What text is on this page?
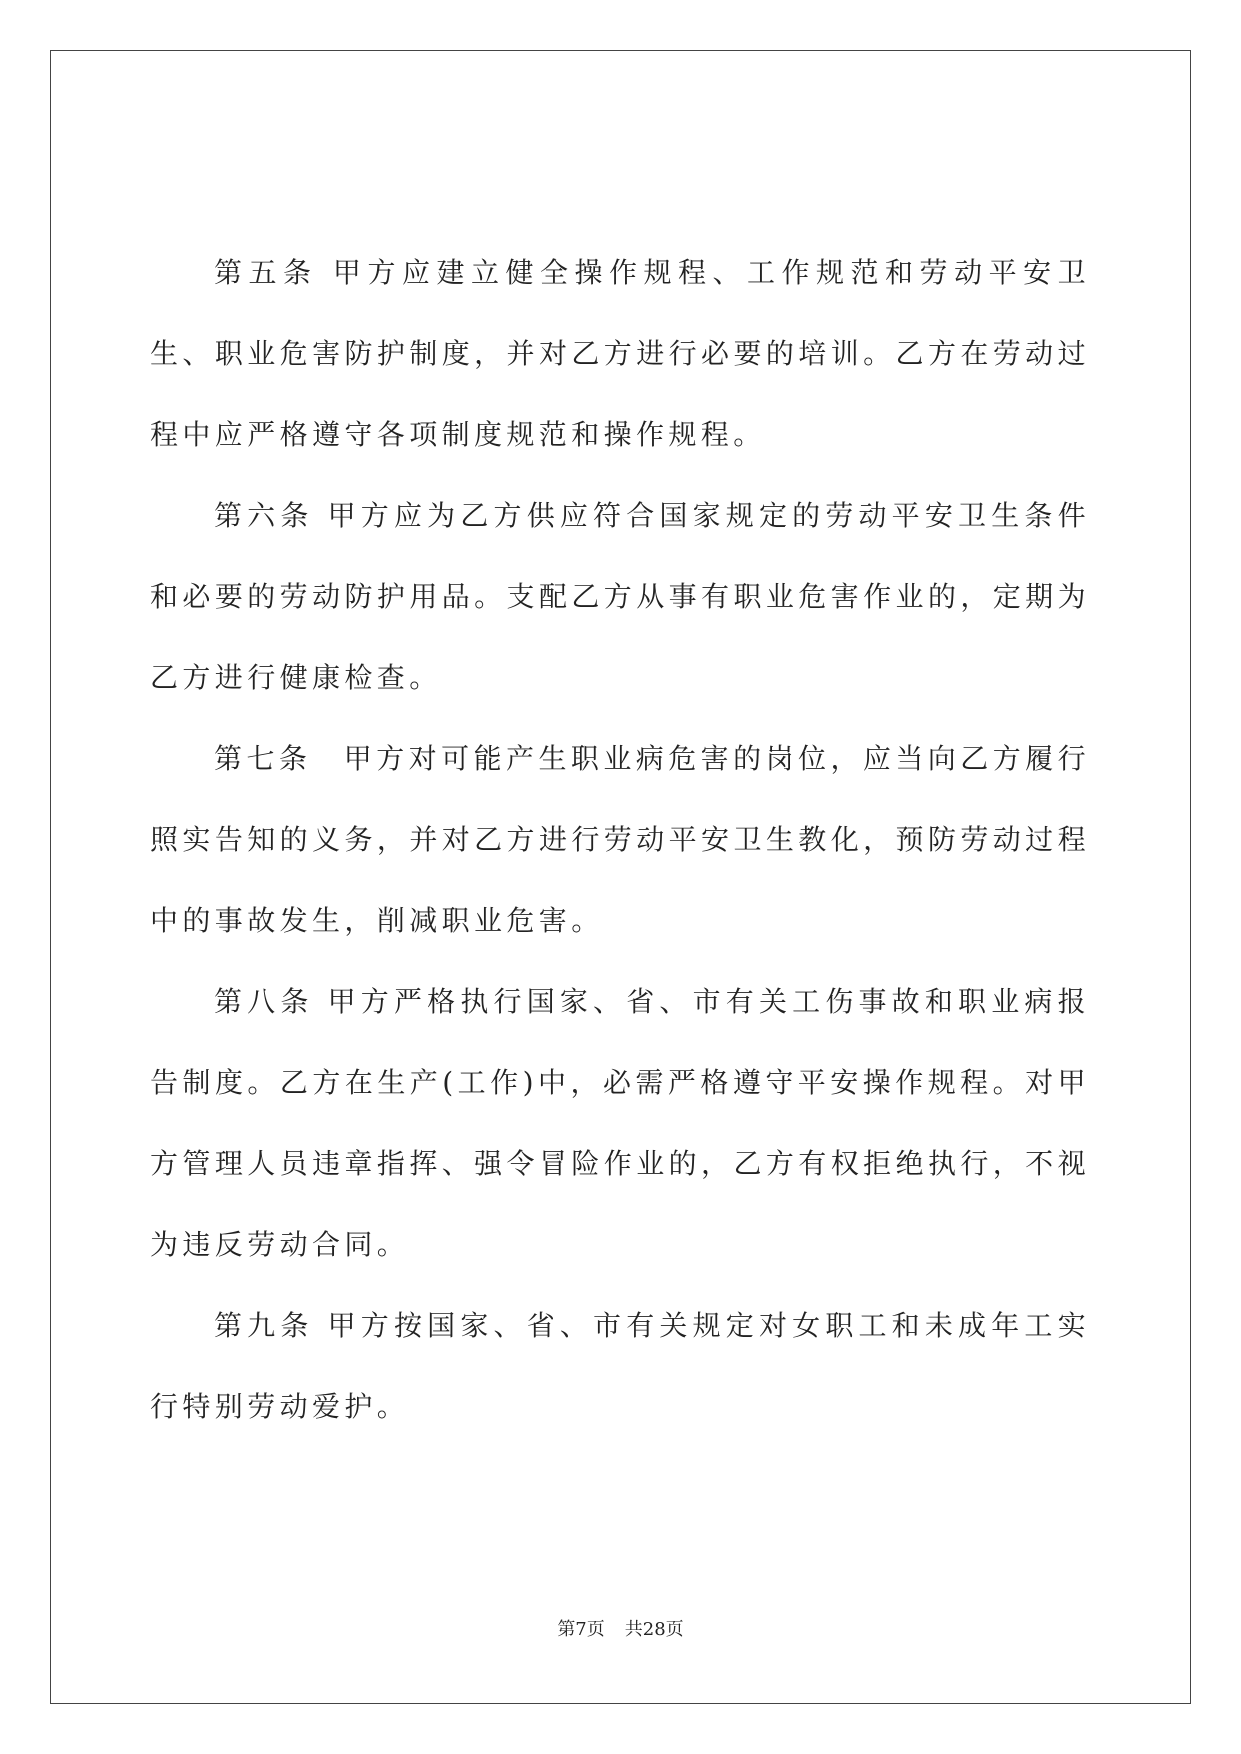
第五条 甲方应建立健全操作规程、工作规范和劳动平安卫生、职业危害防护制度，并对乙方进行必要的培训。乙方在劳动过程中应严格遵守各项制度规范和操作规程。

第六条 甲方应为乙方供应符合国家规定的劳动平安卫生条件和必要的劳动防护用品。支配乙方从事有职业危害作业的，定期为乙方进行健康检查。

第七条　甲方对可能产生职业病危害的岗位，应当向乙方履行照实告知的义务，并对乙方进行劳动平安卫生教化，预防劳动过程中的事故发生，削减职业危害。

第八条 甲方严格执行国家、省、市有关工伤事故和职业病报告制度。乙方在生产(工作)中，必需严格遵守平安操作规程。对甲方管理人员违章指挥、强令冒险作业的，乙方有权拒绝执行，不视为违反劳动合同。

第九条 甲方按国家、省、市有关规定对女职工和未成年工实行特别劳动爱护。

第7页 共28页
